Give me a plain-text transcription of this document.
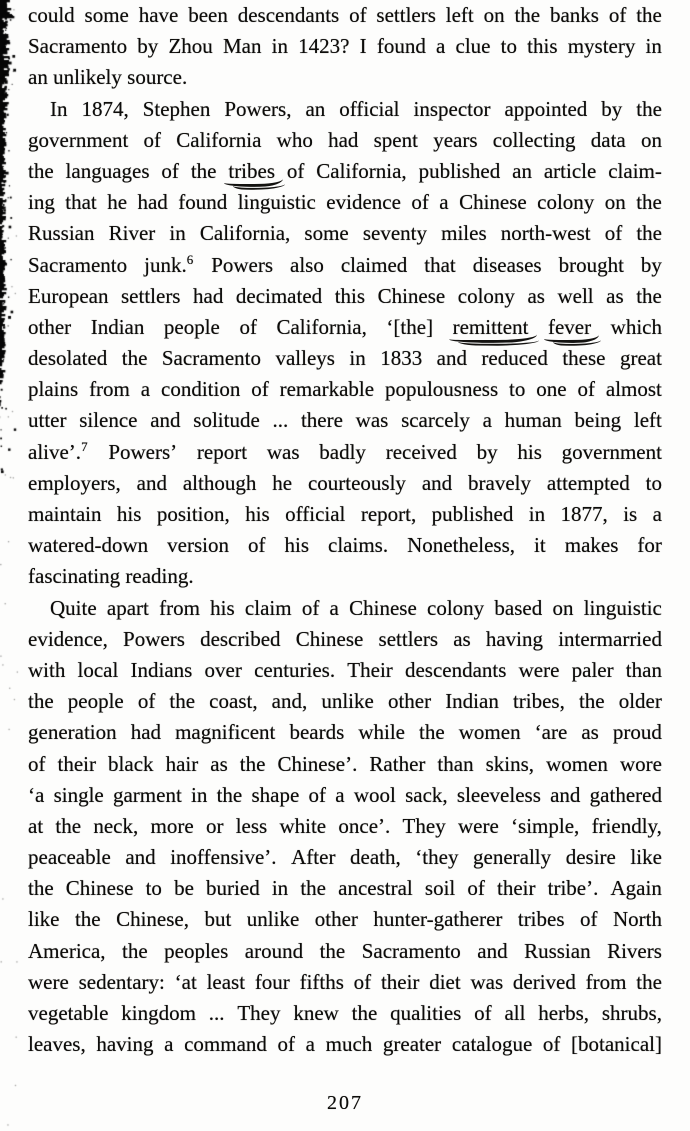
could some have been descendants of settlers left on the banks of the
Sacramento by Zhou Man in 1423? I found a clue to this mystery in
an unlikely source.
In 1874, Stephen Powers, an official inspector appointed by the
government of California who had spent years collecting data on
the languages of the tribes of California, published an article claim-
ing that he had found linguistic evidence of a Chinese colony on the
Russian River in California, some seventy miles north-west of the
Sacramento junk.$^6$ Powers also claimed that diseases brought by
European settlers had decimated this Chinese colony as well as the
other Indian people of California, ‘[the] remittent fever which
desolated the Sacramento valleys in 1833 and reduced these great
plains from a condition of remarkable populousness to one of almost
utter silence and solitude ... there was scarcely a human being left
alive’.$^7$ Powers’ report was badly received by his government
employers, and although he courteously and bravely attempted to
maintain his position, his official report, published in 1877, is a
watered-down version of his claims. Nonetheless, it makes for
fascinating reading.
Quite apart from his claim of a Chinese colony based on linguistic
evidence, Powers described Chinese settlers as having intermarried
with local Indians over centuries. Their descendants were paler than
the people of the coast, and, unlike other Indian tribes, the older
generation had magnificent beards while the women ‘are as proud
of their black hair as the Chinese’. Rather than skins, women wore
‘a single garment in the shape of a wool sack, sleeveless and gathered
at the neck, more or less white once’. They were ‘simple, friendly,
peaceable and inoffensive’. After death, ‘they generally desire like
the Chinese to be buried in the ancestral soil of their tribe’. Again
like the Chinese, but unlike other hunter-gatherer tribes of North
America, the peoples around the Sacramento and Russian Rivers
were sedentary: ‘at least four fifths of their diet was derived from the
vegetable kingdom ... They knew the qualities of all herbs, shrubs,
leaves, having a command of a much greater catalogue of [botanical]
207
